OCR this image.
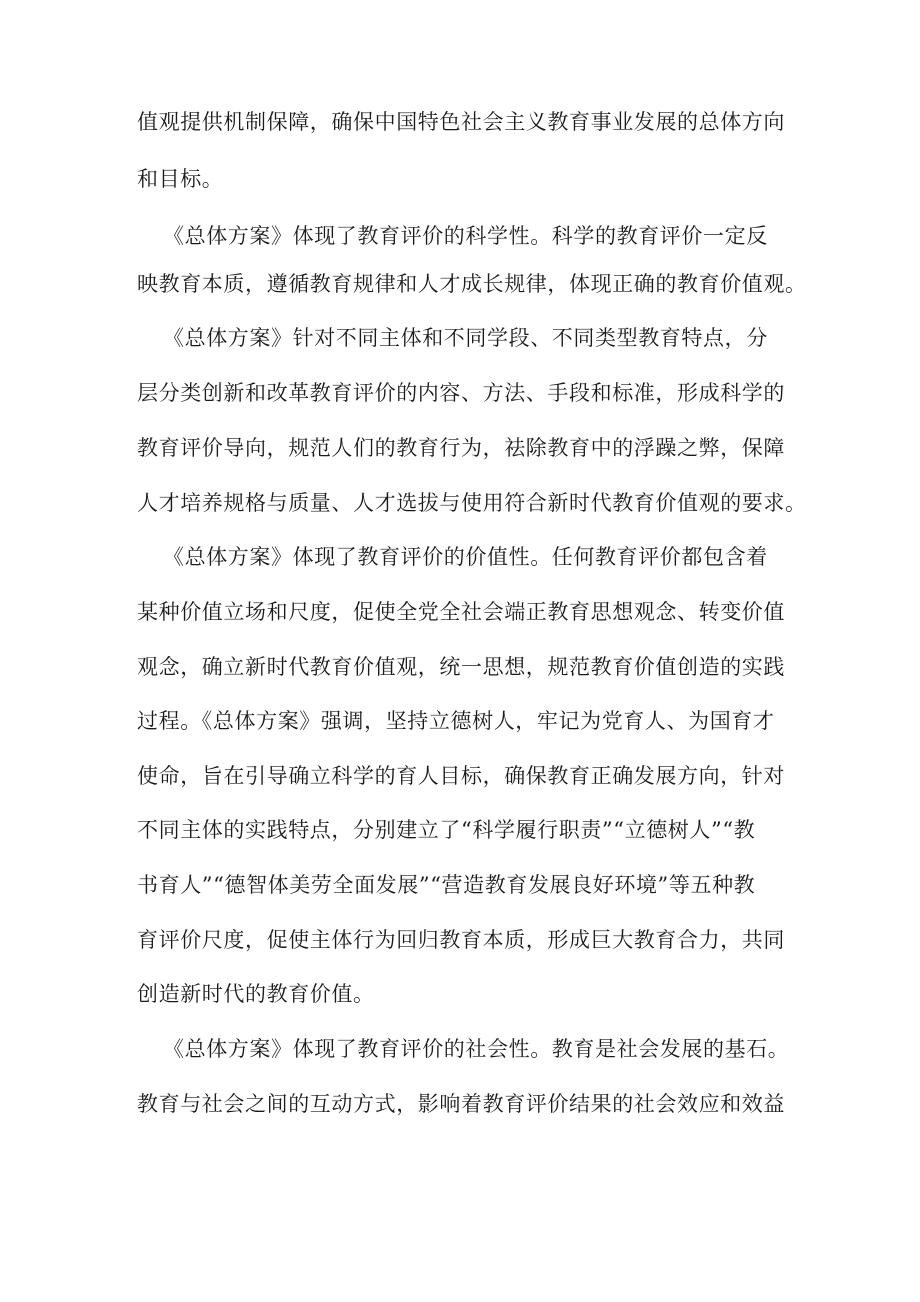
值观提供机制保障，确保中国特色社会主义教育事业发展的总体方向

和目标。

《总体方案》体现了教育评价的科学性。科学的教育评价一定反

映教育本质，遵循教育规律和人才成长规律，体现正确的教育价值观。

《总体方案》针对不同主体和不同学段、不同类型教育特点，分

层分类创新和改革教育评价的内容、方法、手段和标准，形成科学的

教育评价导向，规范人们的教育行为，祛除教育中的浮躁之弊，保障

人才培养规格与质量、人才选拔与使用符合新时代教育价值观的要求。

《总体方案》体现了教育评价的价值性。任何教育评价都包含着

某种价值立场和尺度，促使全党全社会端正教育思想观念、转变价值

观念，确立新时代教育价值观，统一思想，规范教育价值创造的实践

过程。《总体方案》强调，坚持立德树人，牢记为党育人、为国育才

使命，旨在引导确立科学的育人目标，确保教育正确发展方向，针对

不同主体的实践特点，分别建立了“科学履行职责”“立德树人”“教

书育人”“德智体美劳全面发展”“营造教育发展良好环境”等五种教

育评价尺度，促使主体行为回归教育本质，形成巨大教育合力，共同

创造新时代的教育价值。

《总体方案》体现了教育评价的社会性。教育是社会发展的基石。

教育与社会之间的互动方式，影响着教育评价结果的社会效应和效益
